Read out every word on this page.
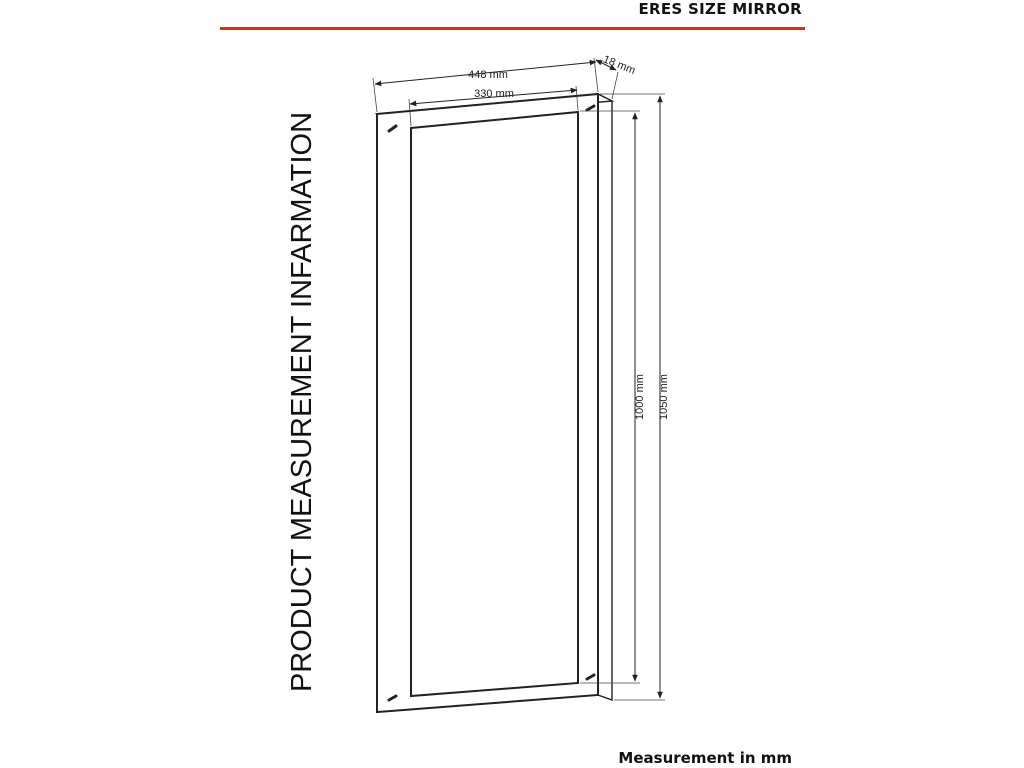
ERES SIZE MIRROR
PRODUCT MEASUREMENT INFARMATION
448 mm
330 mm
18 mm
1000 mm 1050 mm
Measurement in mm
